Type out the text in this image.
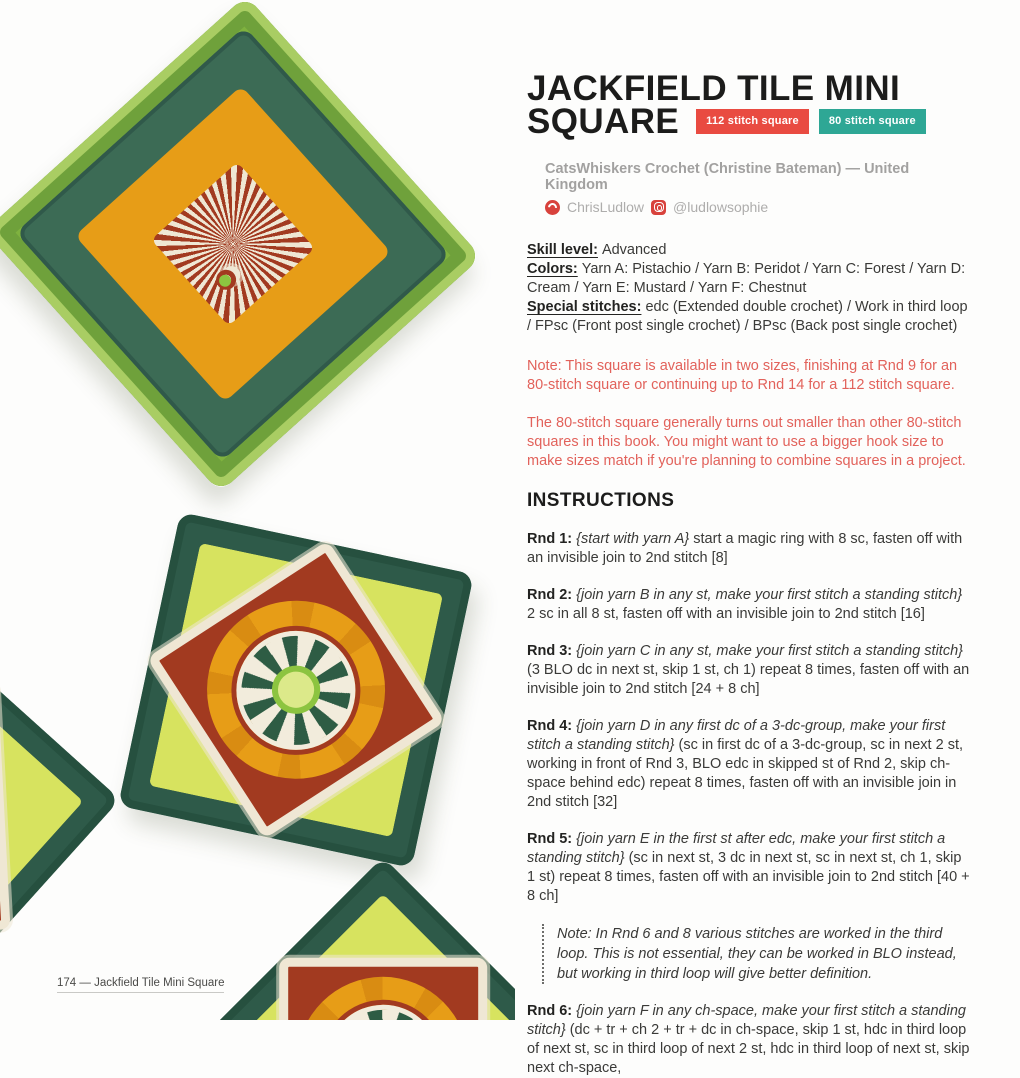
JACKFIELD TILE MINI
SQUARE	112 stitch square	80 stitch square
CatsWhiskers Crochet (Christine Bateman) — United Kingdom
ChrisLudlow @ludlowsophie

Skill level: Advanced

Colors: Yarn A: Pistachio / Yarn B: Peridot / Yarn C: Forest / Yarn D: Cream / Yarn E: Mustard / Yarn F: Chestnut

Special stitches: edc (Extended double crochet) / Work in third loop / FPsc (Front post single crochet) / BPsc (Back post single crochet)

Note: This square is available in two sizes, finishing at Rnd 9 for an 80-stitch square or continuing up to Rnd 14 for a 112 stitch square.

The 80-stitch square generally turns out smaller than other 80-stitch squares in this book. You might want to use a bigger hook size to make sizes match if you're planning to combine squares in a project.

INSTRUCTIONS

Rnd 1: {start with yarn A} start a magic ring with 8 sc, fasten off with an invisible join to 2nd stitch [8]

Rnd 2: {join yarn B in any st, make your first stitch a standing stitch} 2 sc in all 8 st, fasten off with an invisible join to 2nd stitch [16]

Rnd 3: {join yarn C in any st, make your first stitch a standing stitch} (3 BLO dc in next st, skip 1 st, ch 1) repeat 8 times, fasten off with an invisible join to 2nd stitch [24 + 8 ch]

Rnd 4: {join yarn D in any first dc of a 3-dc-group, make your first stitch a standing stitch} (sc in first dc of a 3-dc-group, sc in next 2 st, working in front of Rnd 3, BLO edc in skipped st of Rnd 2, skip ch-space behind edc) repeat 8 times, fasten off with an invisible join in 2nd stitch [32]

Rnd 5: {join yarn E in the first st after edc, make your first stitch a standing stitch} (sc in next st, 3 dc in next st, sc in next st, ch 1, skip 1 st) repeat 8 times, fasten off with an invisible join to 2nd stitch [40 + 8 ch]

Note: In Rnd 6 and 8 various stitches are worked in the third loop. This is not essential, they can be worked in BLO instead, but working in third loop will give better definition.

Rnd 6: {join yarn F in any ch-space, make your first stitch a standing stitch} (dc + tr + ch 2 + tr + dc in ch-space, skip 1 st, hdc in third loop of next st, sc in third loop of next 2 st, hdc in third loop of next st, skip next ch-space,

174 — Jackfield Tile Mini Square
